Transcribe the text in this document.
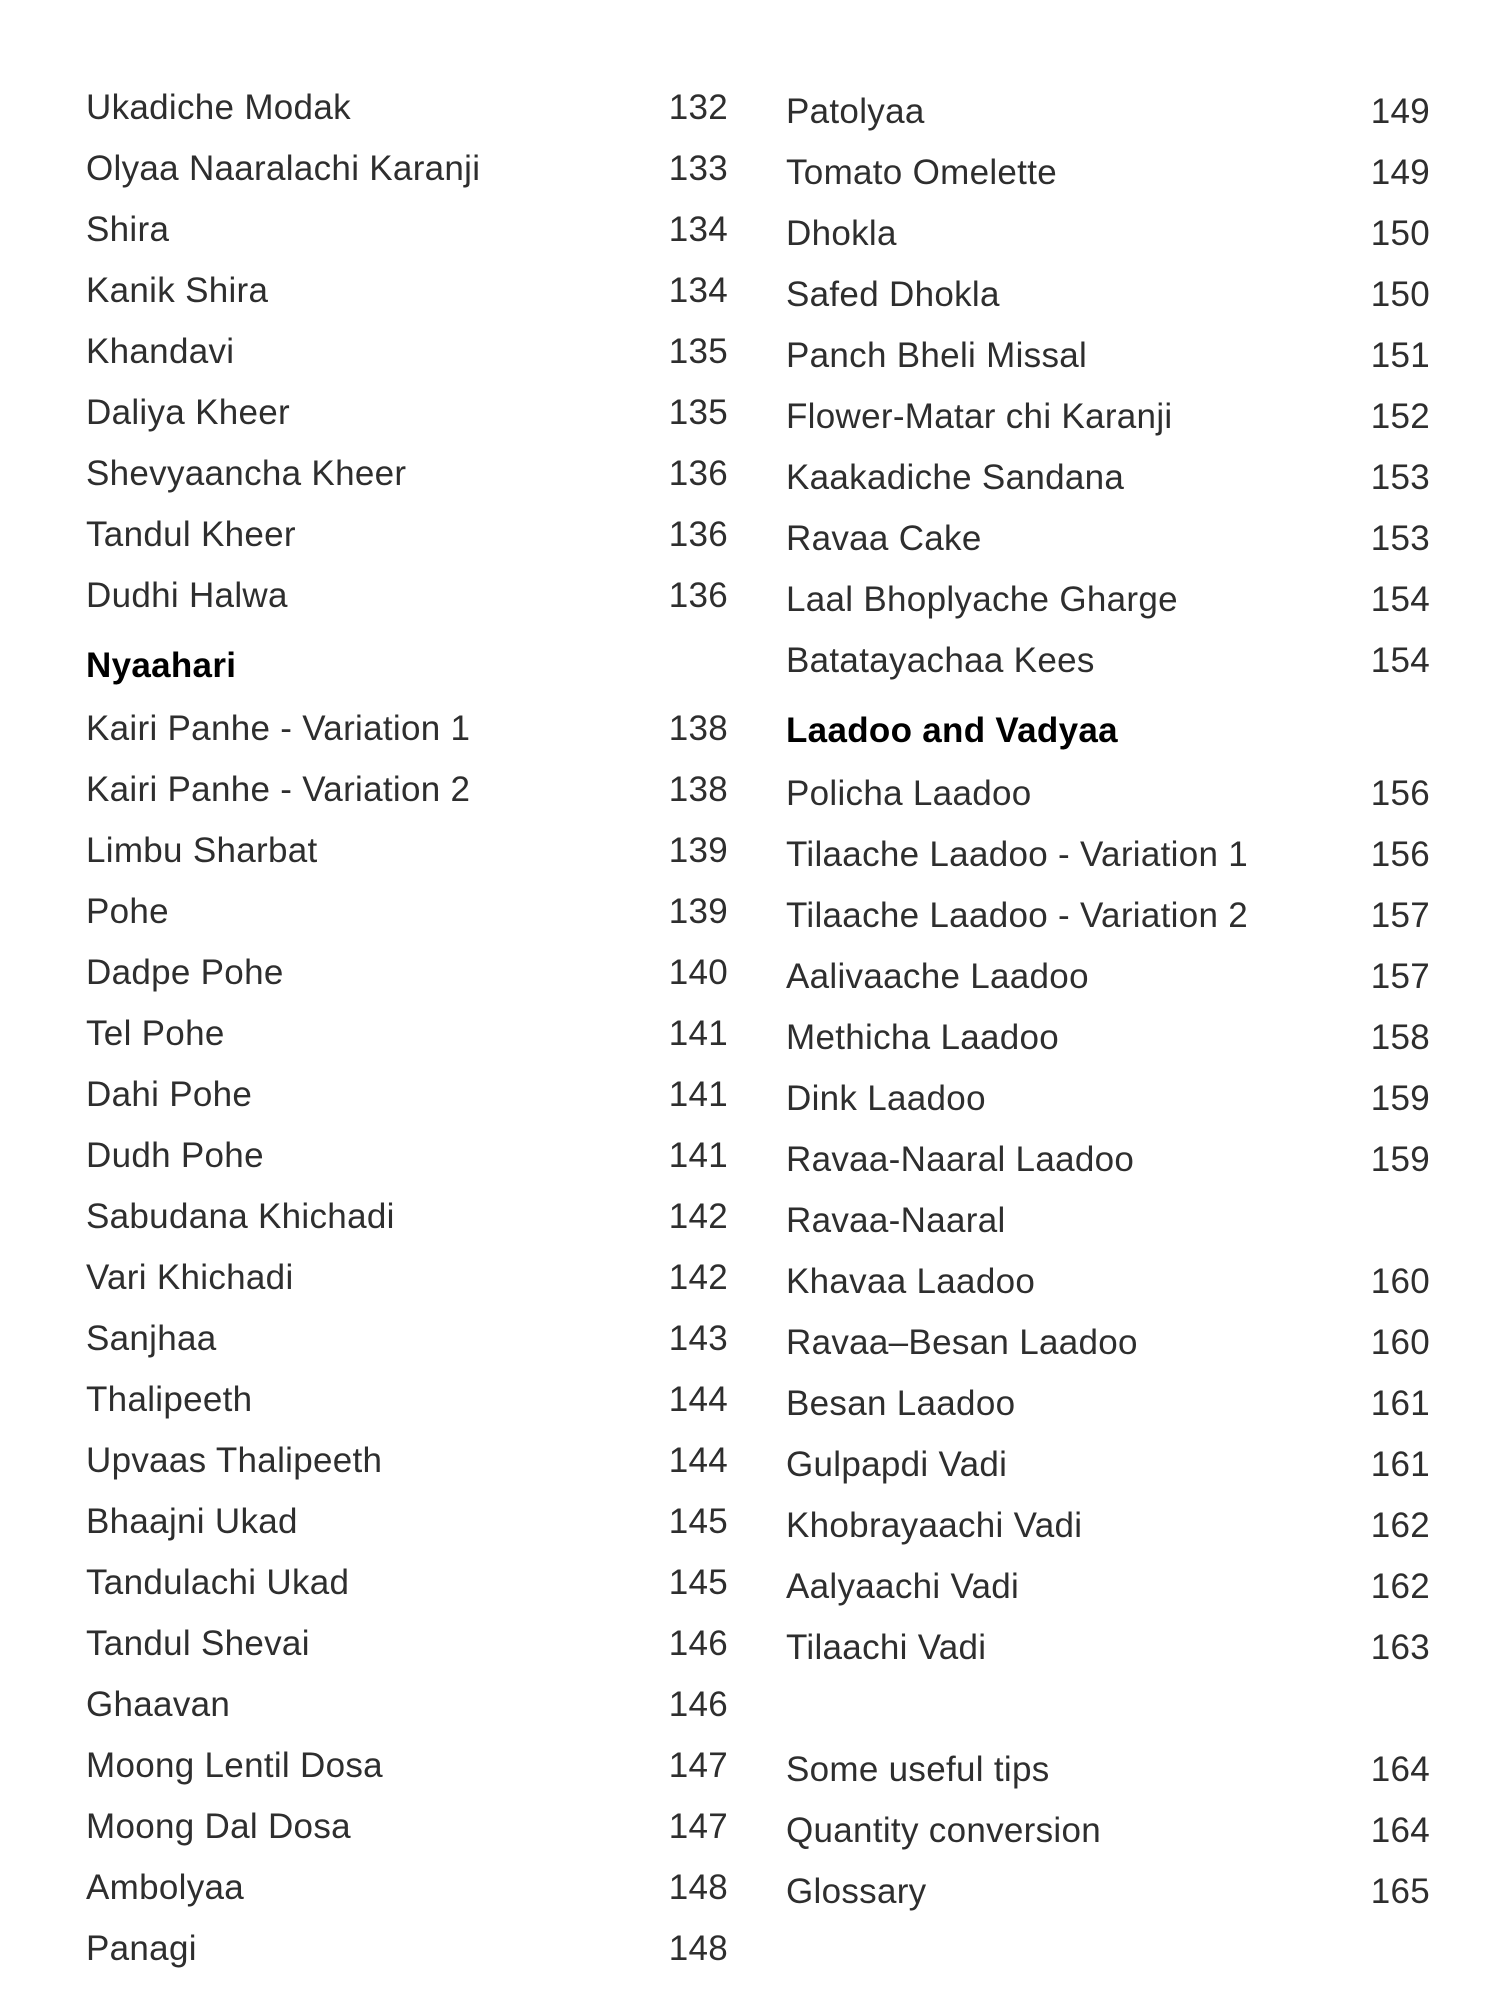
Ukadiche Modak	132
Olyaa Naaralachi Karanji	133
Shira	134
Kanik Shira	134
Khandavi	135
Daliya Kheer	135
Shevyaancha Kheer	136
Tandul Kheer	136
Dudhi Halwa	136
Nyaahari
Kairi Panhe - Variation 1	138
Kairi Panhe - Variation 2	138
Limbu Sharbat	139
Pohe	139
Dadpe Pohe	140
Tel Pohe	141
Dahi Pohe	141
Dudh Pohe	141
Sabudana Khichadi	142
Vari Khichadi	142
Sanjhaa	143
Thalipeeth	144
Upvaas Thalipeeth	144
Bhaajni Ukad	145
Tandulachi Ukad	145
Tandul Shevai	146
Ghaavan	146
Moong Lentil Dosa	147
Moong Dal Dosa	147
Ambolyaa	148
Panagi	148
Patolyaa	149
Tomato Omelette	149
Dhokla	150
Safed Dhokla	150
Panch Bheli Missal	151
Flower-Matar chi Karanji	152
Kaakadiche Sandana	153
Ravaa Cake	153
Laal Bhoplyache Gharge	154
Batatayachaa Kees	154
Laadoo and Vadyaa
Policha Laadoo	156
Tilaache Laadoo - Variation 1	156
Tilaache Laadoo - Variation 2	157
Aalivaache Laadoo	157
Methicha Laadoo	158
Dink Laadoo	159
Ravaa-Naaral Laadoo	159
Ravaa-Naaral
Khavaa Laadoo	160
Ravaa–Besan Laadoo	160
Besan Laadoo	161
Gulpapdi Vadi	161
Khobrayaachi Vadi	162
Aalyaachi Vadi	162
Tilaachi Vadi	163
Some useful tips	164
Quantity conversion	164
Glossary	165
